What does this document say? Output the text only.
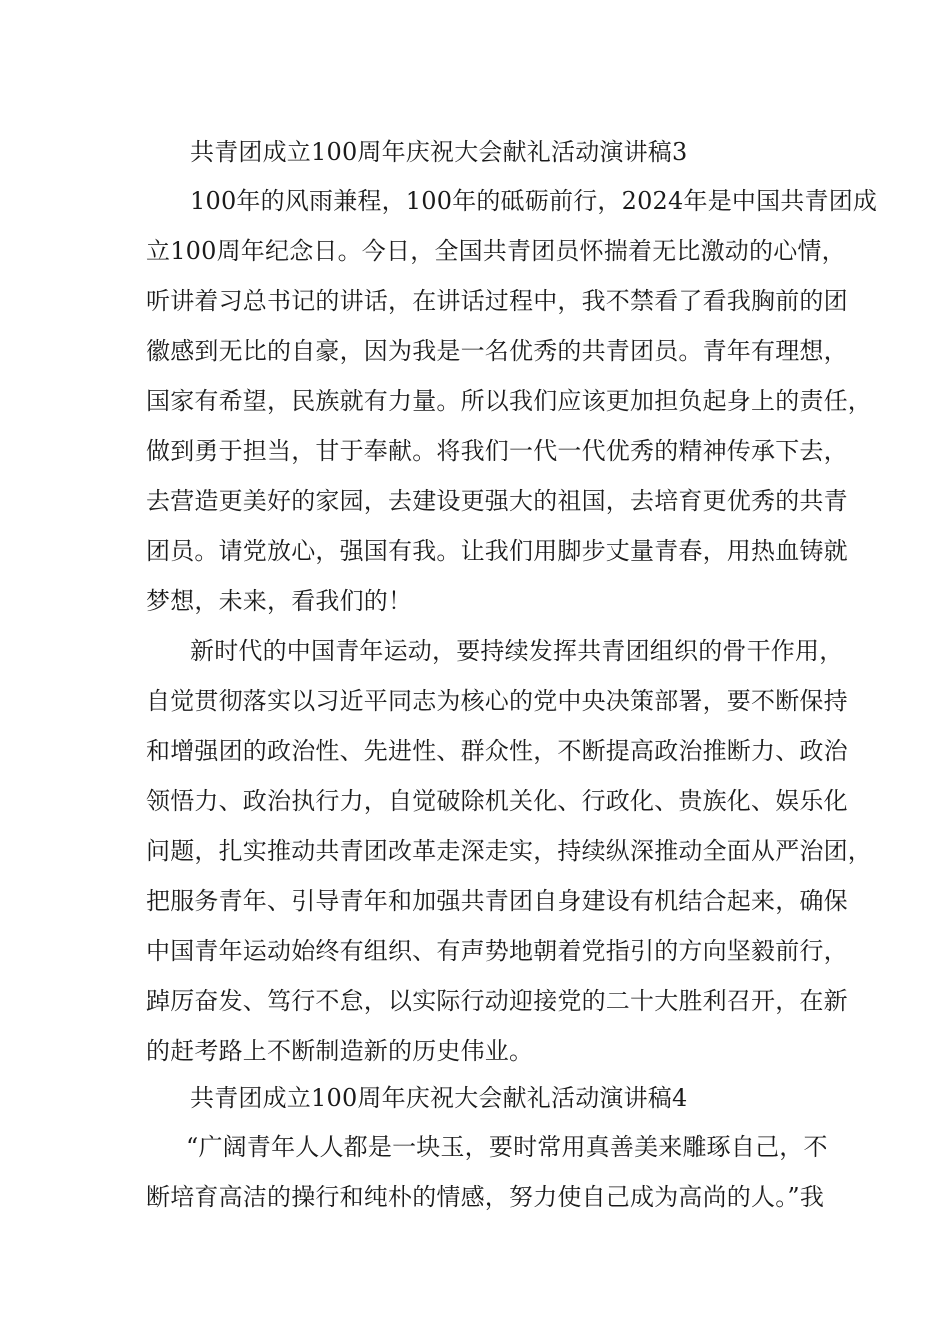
共青团成立100周年庆祝大会献礼活动演讲稿3
100年的风雨兼程，100年的砥砺前行，2024年是中国共青团成
立100周年纪念日。今日，全国共青团员怀揣着无比激动的心情，
听讲着习总书记的讲话，在讲话过程中，我不禁看了看我胸前的团
徽感到无比的自豪，因为我是一名优秀的共青团员。青年有理想，
国家有希望，民族就有力量。所以我们应该更加担负起身上的责任，
做到勇于担当，甘于奉献。将我们一代一代优秀的精神传承下去，
去营造更美好的家园，去建设更强大的祖国，去培育更优秀的共青
团员。请党放心，强国有我。让我们用脚步丈量青春，用热血铸就
梦想，未来，看我们的！
新时代的中国青年运动，要持续发挥共青团组织的骨干作用，
自觉贯彻落实以习近平同志为核心的党中央决策部署，要不断保持
和增强团的政治性、先进性、群众性，不断提高政治推断力、政治
领悟力、政治执行力，自觉破除机关化、行政化、贵族化、娱乐化
问题，扎实推动共青团改革走深走实，持续纵深推动全面从严治团，
把服务青年、引导青年和加强共青团自身建设有机结合起来，确保
中国青年运动始终有组织、有声势地朝着党指引的方向坚毅前行，
踔厉奋发、笃行不怠，以实际行动迎接党的二十大胜利召开，在新
的赶考路上不断制造新的历史伟业。
共青团成立100周年庆祝大会献礼活动演讲稿4
“广阔青年人人都是一块玉，要时常用真善美来雕琢自己，不
断培育高洁的操行和纯朴的情感，努力使自己成为高尚的人。”我
